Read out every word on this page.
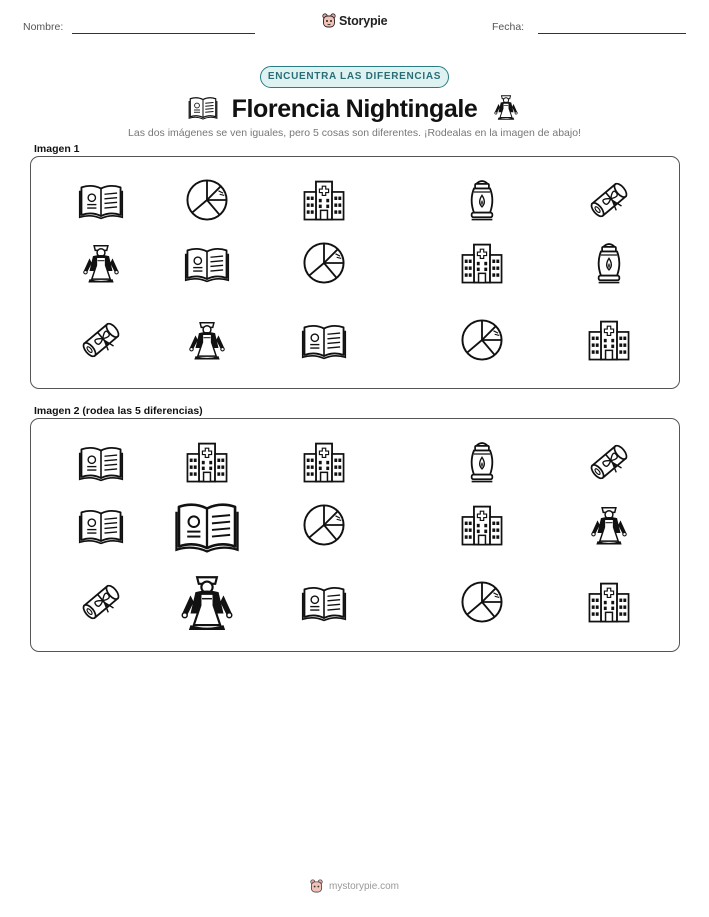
Nombre:	Storypie	Fecha:
ENCUENTRA LAS DIFERENCIAS
Florencia Nightingale
Las dos imágenes se ven iguales, pero 5 cosas son diferentes. ¡Rodealas en la imagen de abajo!
Imagen 1
Imagen 2 (rodea las 5 diferencias)
mystorypie.com
